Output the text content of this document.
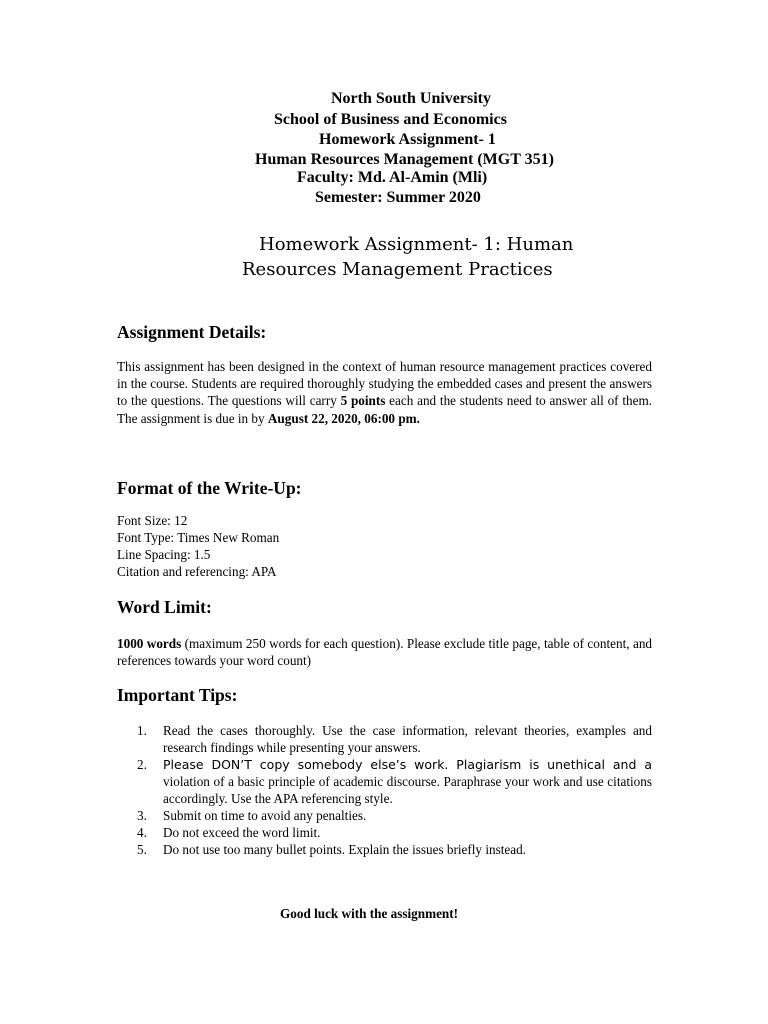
North South University
School of Business and Economics
Homework Assignment- 1
Human Resources Management (MGT 351)
Faculty: Md. Al-Amin (Mli)
Semester: Summer 2020
Homework Assignment- 1: Human
Resources Management Practices
Assignment Details:
This assignment has been designed in the context of human resource management practices covered in the course. Students are required thoroughly studying the embedded cases and present the answers to the questions. The questions will carry 5 points each and the students need to answer all of them. The assignment is due in by August 22, 2020, 06:00 pm.
Format of the Write-Up:
Font Size: 12
Font Type: Times New Roman
Line Spacing: 1.5
Citation and referencing: APA
Word Limit:
1000 words (maximum 250 words for each question). Please exclude title page, table of content, and references towards your word count)
Important Tips:
1. Read the cases thoroughly. Use the case information, relevant theories, examples and research findings while presenting your answers.
2. Please DON’T copy somebody else’s work. Plagiarism is unethical and a violation of a basic principle of academic discourse. Paraphrase your work and use citations accordingly. Use the APA referencing style.
3. Submit on time to avoid any penalties.
4. Do not exceed the word limit.
5. Do not use too many bullet points. Explain the issues briefly instead.
Good luck with the assignment!
